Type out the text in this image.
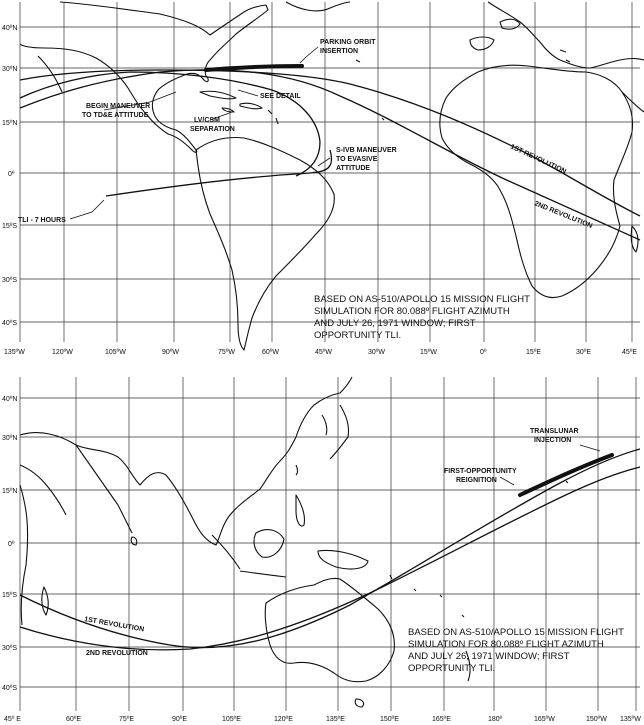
PARKING ORBIT
INSERTION
SEE DETAIL
BEGIN MANEUVER
TO TD&E ATTITUDE
LV/CSM
SEPARATION
S-IVB MANEUVER
TO EVASIVE
ATTITUDE
TLI - 7 HOURS
1ST REVOLUTION
2ND REVOLUTION
BASED ON AS-510/APOLLO 15 MISSION FLIGHT
SIMULATION FOR 80.088º FLIGHT AZIMUTH
AND JULY 26, 1971 WINDOW; FIRST
OPPORTUNITY TLI.
40ºN
30ºN
15ºN
0º
15ºS
30ºS
40ºS
135ºW	120ºW	105ºW	90ºW	75ºW	60ºW	45ºW	30ºW	15ºW	0º	15ºE	30ºE	45ºE
TRANSLUNAR
INJECTION
FIRST-OPPORTUNITY
REIGNITION
1ST REVOLUTION
2ND REVOLUTION
BASED ON AS-510/APOLLO 15 MISSION FLIGHT
SIMULATION FOR 80.088º FLIGHT AZIMUTH
AND JULY 26, 1971 WINDOW; FIRST
OPPORTUNITY TLI.
40ºN
30ºN
15ºN
0º
15ºS
30ºS
40ºS
45º E	60ºE	75ºE	90ºE	105ºE	120ºE	135ºE	150ºE	165ºE	180º	165ºW	150ºW 135ºW
